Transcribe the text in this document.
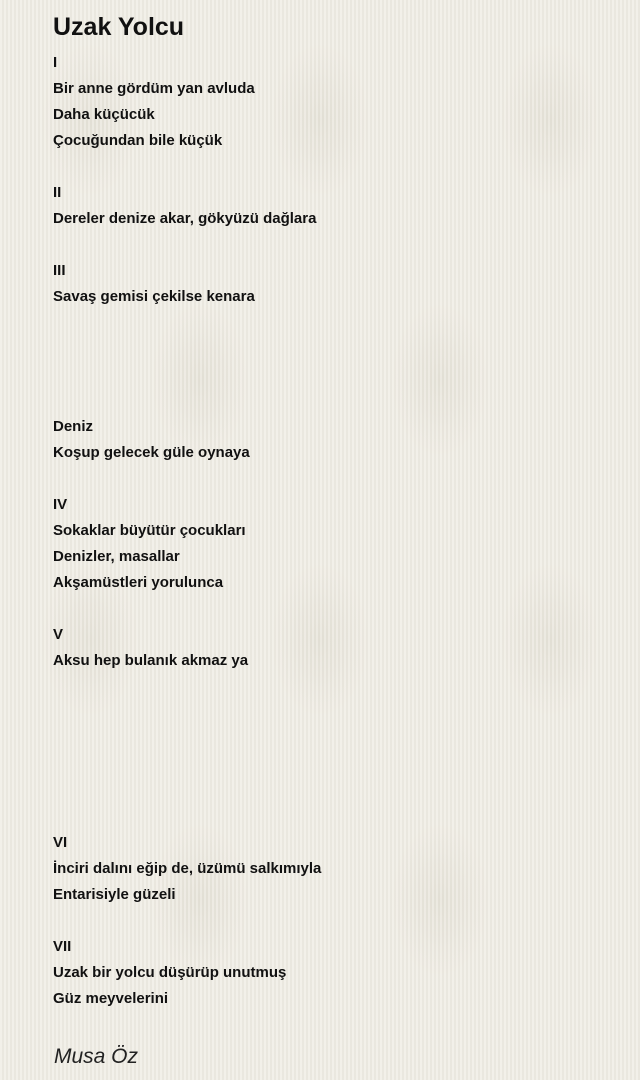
Uzak Yolcu
I
Bir anne gördüm yan avluda
Daha küçücük
Çocuğundan bile küçük
II
Dereler denize akar, gökyüzü dağlara
III
Savaş gemisi çekilse kenara
Deniz
Koşup gelecek güle oynaya
IV
Sokaklar büyütür çocukları
Denizler, masallar
Akşamüstleri yorulunca
V
Aksu hep bulanık akmaz ya
VI
İnciri dalını eğip de, üzümü salkımıyla
Entarisiyle güzeli
VII
Uzak bir yolcu düşürüp unutmuş
Güz meyvelerini
Musa Öz
